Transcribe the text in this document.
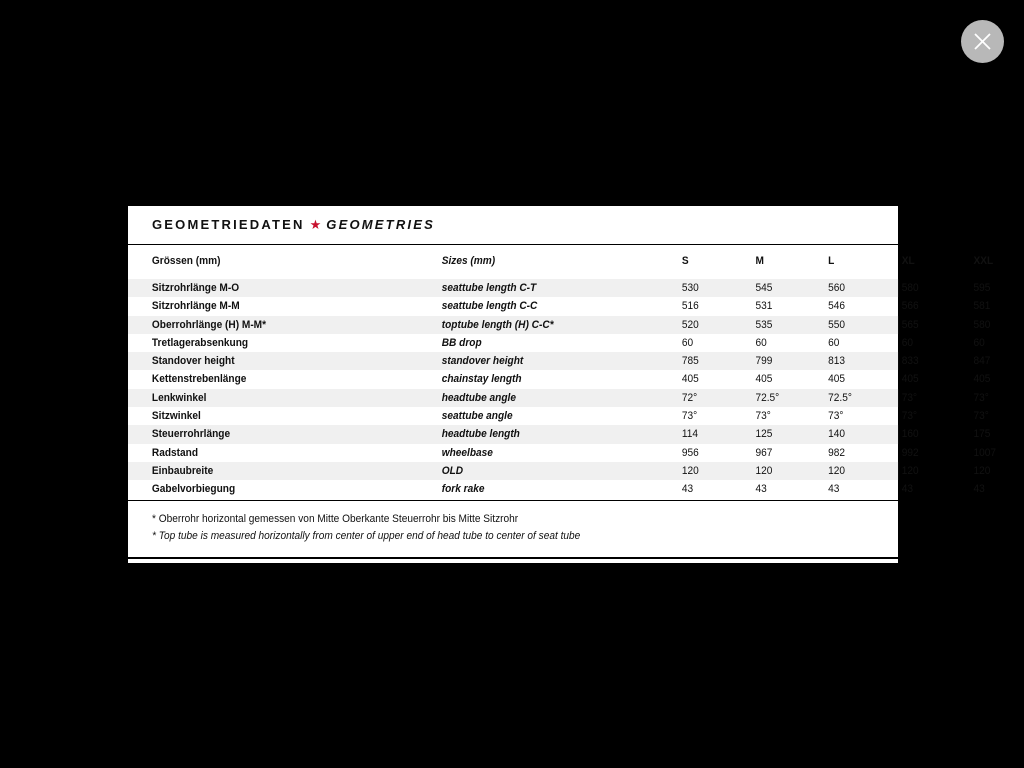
GEOMETRIEDATEN ★ GEOMETRIES
Grössen (mm)	Sizes (mm)	S	M	L	XL	XXL
Sitzrohrlänge M-O	seattube length C-T	530	545	560	580	595
Sitzrohrlänge M-M	seattube length C-C	516	531	546	566	581
Oberrohrlänge (H) M-M*	toptube length (H) C-C*	520	535	550	565	580
Tretlagerabsenkung	BB drop	60	60	60	60	60
Standover height	standover height	785	799	813	833	847
Kettenstrebenlänge	chainstay length	405	405	405	405	405
Lenkwinkel	headtube angle	72°	72.5°	72.5°	73°	73°
Sitzwinkel	seattube angle	73°	73°	73°	73°	73°
Steuerrohrlänge	headtube length	114	125	140	160	175
Radstand	wheelbase	956	967	982	992	1007
Einbaubreite	OLD	120	120	120	120	120
Gabelvorbiegung	fork rake	43	43	43	43	43
* Oberrohr horizontal gemessen von Mitte Oberkante Steuerrohr bis Mitte Sitzrohr
* Top tube is measured horizontally from center of upper end of head tube to center of seat tube
